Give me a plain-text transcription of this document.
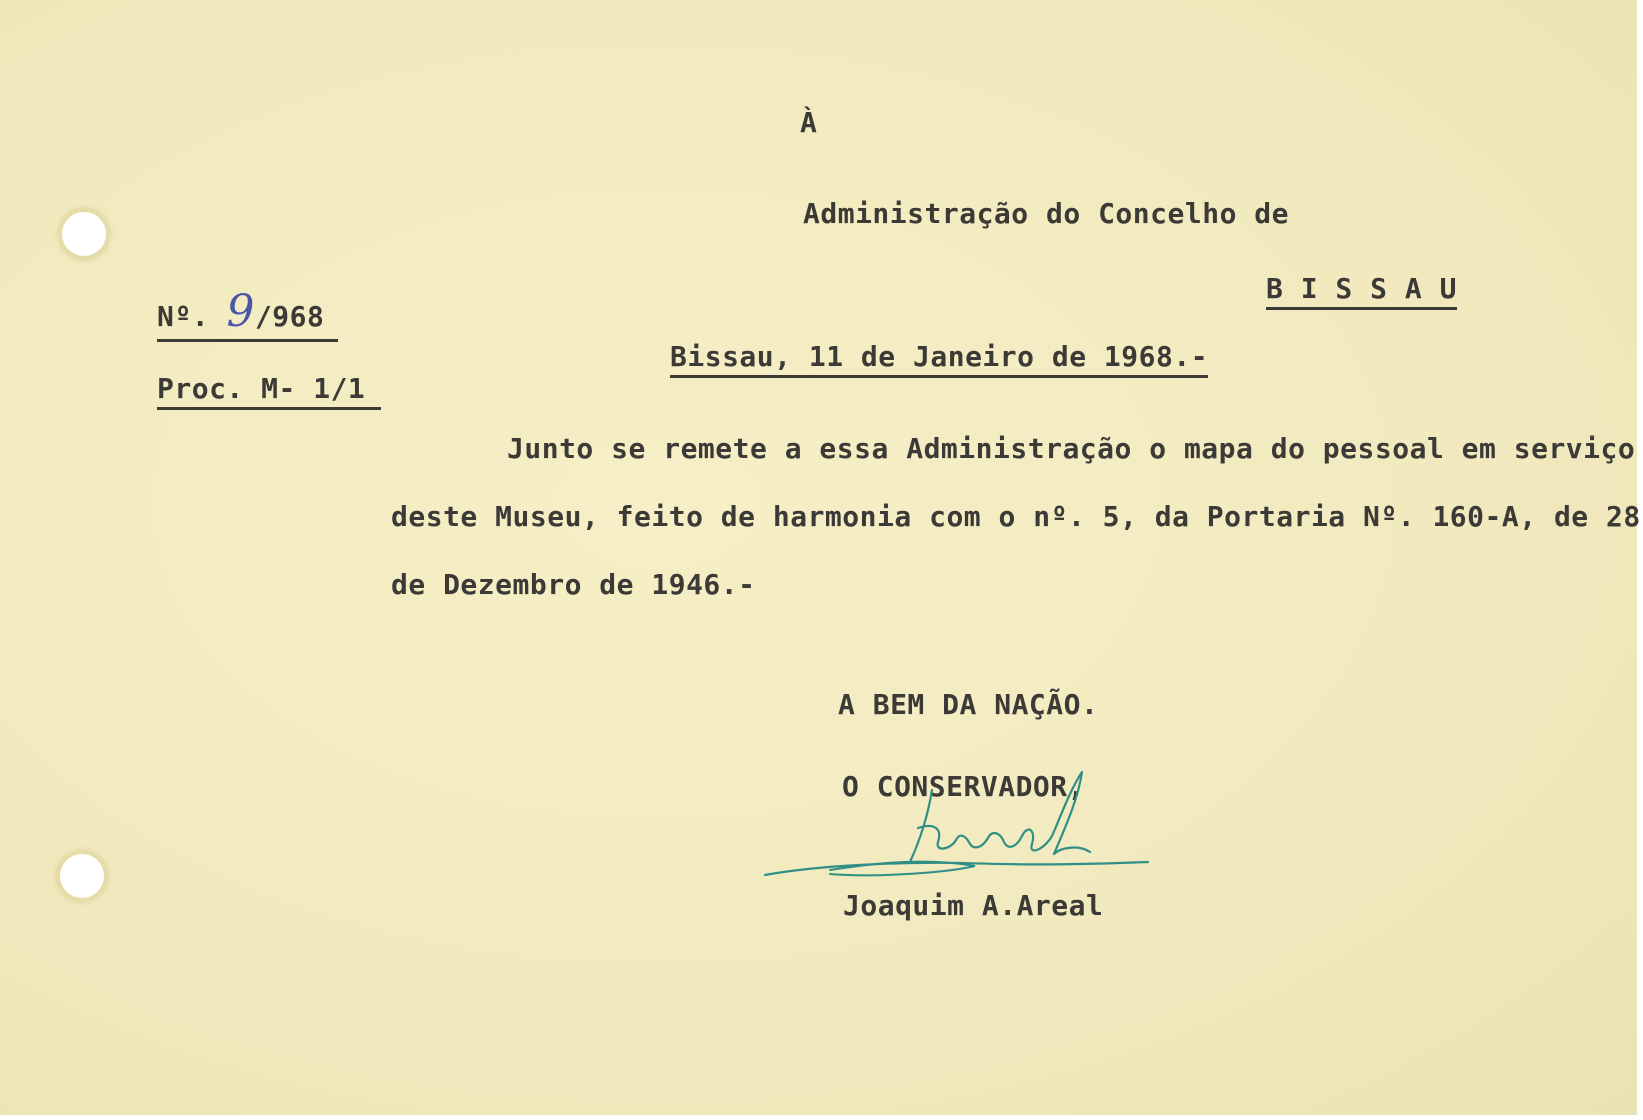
À
Administração do Concelho de
B I S S A U
Nº. 9/968
Proc. M- 1/1
Bissau, 11 de Janeiro de 1968.-
Junto se remete a essa Administração o mapa do pessoal em serviço
deste Museu, feito de harmonia com o nº. 5, da Portaria Nº. 160-A, de 28
de Dezembro de 1946.-
A BEM DA NAÇÃO.
O CONSERVADOR,
Joaquim A.Areal
